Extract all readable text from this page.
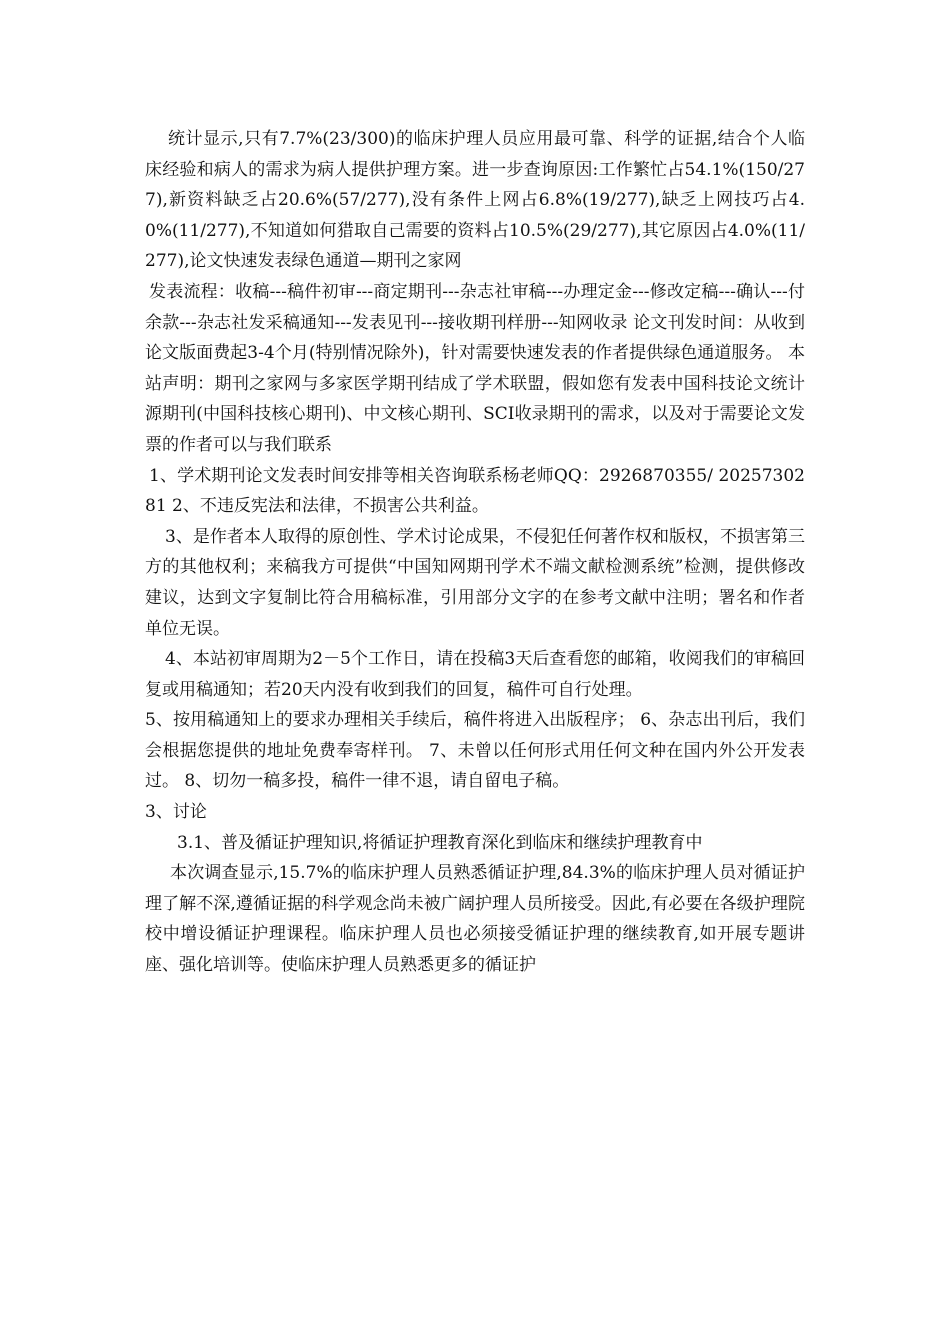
统计显示,只有7.7%(23/300)的临床护理人员应用最可靠、科学的证据,结合个人临床经验和病人的需求为病人提供护理方案。进一步查询原因:工作繁忙占54.1%(150/277),新资料缺乏占20.6%(57/277),没有条件上网占6.8%(19/277),缺乏上网技巧占4.0%(11/277),不知道如何猎取自己需要的资料占10.5%(29/277),其它原因占4.0%(11/277),论文快速发表绿色通道—期刊之家网

发表流程：收稿---稿件初审---商定期刊---杂志社审稿---办理定金---修改定稿---确认---付余款---杂志社发采稿通知---发表见刊---接收期刊样册---知网收录 论文刊发时间：从收到论文版面费起3-4个月(特别情况除外)，针对需要快速发表的作者提供绿色通道服务。 本站声明：期刊之家网与多家医学期刊结成了学术联盟，假如您有发表中国科技论文统计源期刊(中国科技核心期刊)、中文核心期刊、SCI收录期刊的需求，以及对于需要论文发票的作者可以与我们联系

1、学术期刊论文发表时间安排等相关咨询联系杨老师QQ：2926870355/ 2025730281 2、不违反宪法和法律，不损害公共利益。

3、是作者本人取得的原创性、学术讨论成果，不侵犯任何著作权和版权，不损害第三方的其他权利；来稿我方可提供“中国知网期刊学术不端文献检测系统”检测，提供修改建议，达到文字复制比符合用稿标准，引用部分文字的在参考文献中注明；署名和作者单位无误。

4、本站初审周期为2－5个工作日，请在投稿3天后查看您的邮箱，收阅我们的审稿回复或用稿通知；若20天内没有收到我们的回复，稿件可自行处理。

5、按用稿通知上的要求办理相关手续后，稿件将进入出版程序； 6、杂志出刊后，我们会根据您提供的地址免费奉寄样刊。 7、未曾以任何形式用任何文种在国内外公开发表过。 8、切勿一稿多投，稿件一律不退，请自留电子稿。

3、讨论

3.1、普及循证护理知识,将循证护理教育深化到临床和继续护理教育中

本次调查显示,15.7%的临床护理人员熟悉循证护理,84.3%的临床护理人员对循证护理了解不深,遵循证据的科学观念尚未被广阔护理人员所接受。因此,有必要在各级护理院校中增设循证护理课程。临床护理人员也必须接受循证护理的继续教育,如开展专题讲座、强化培训等。使临床护理人员熟悉更多的循证护
